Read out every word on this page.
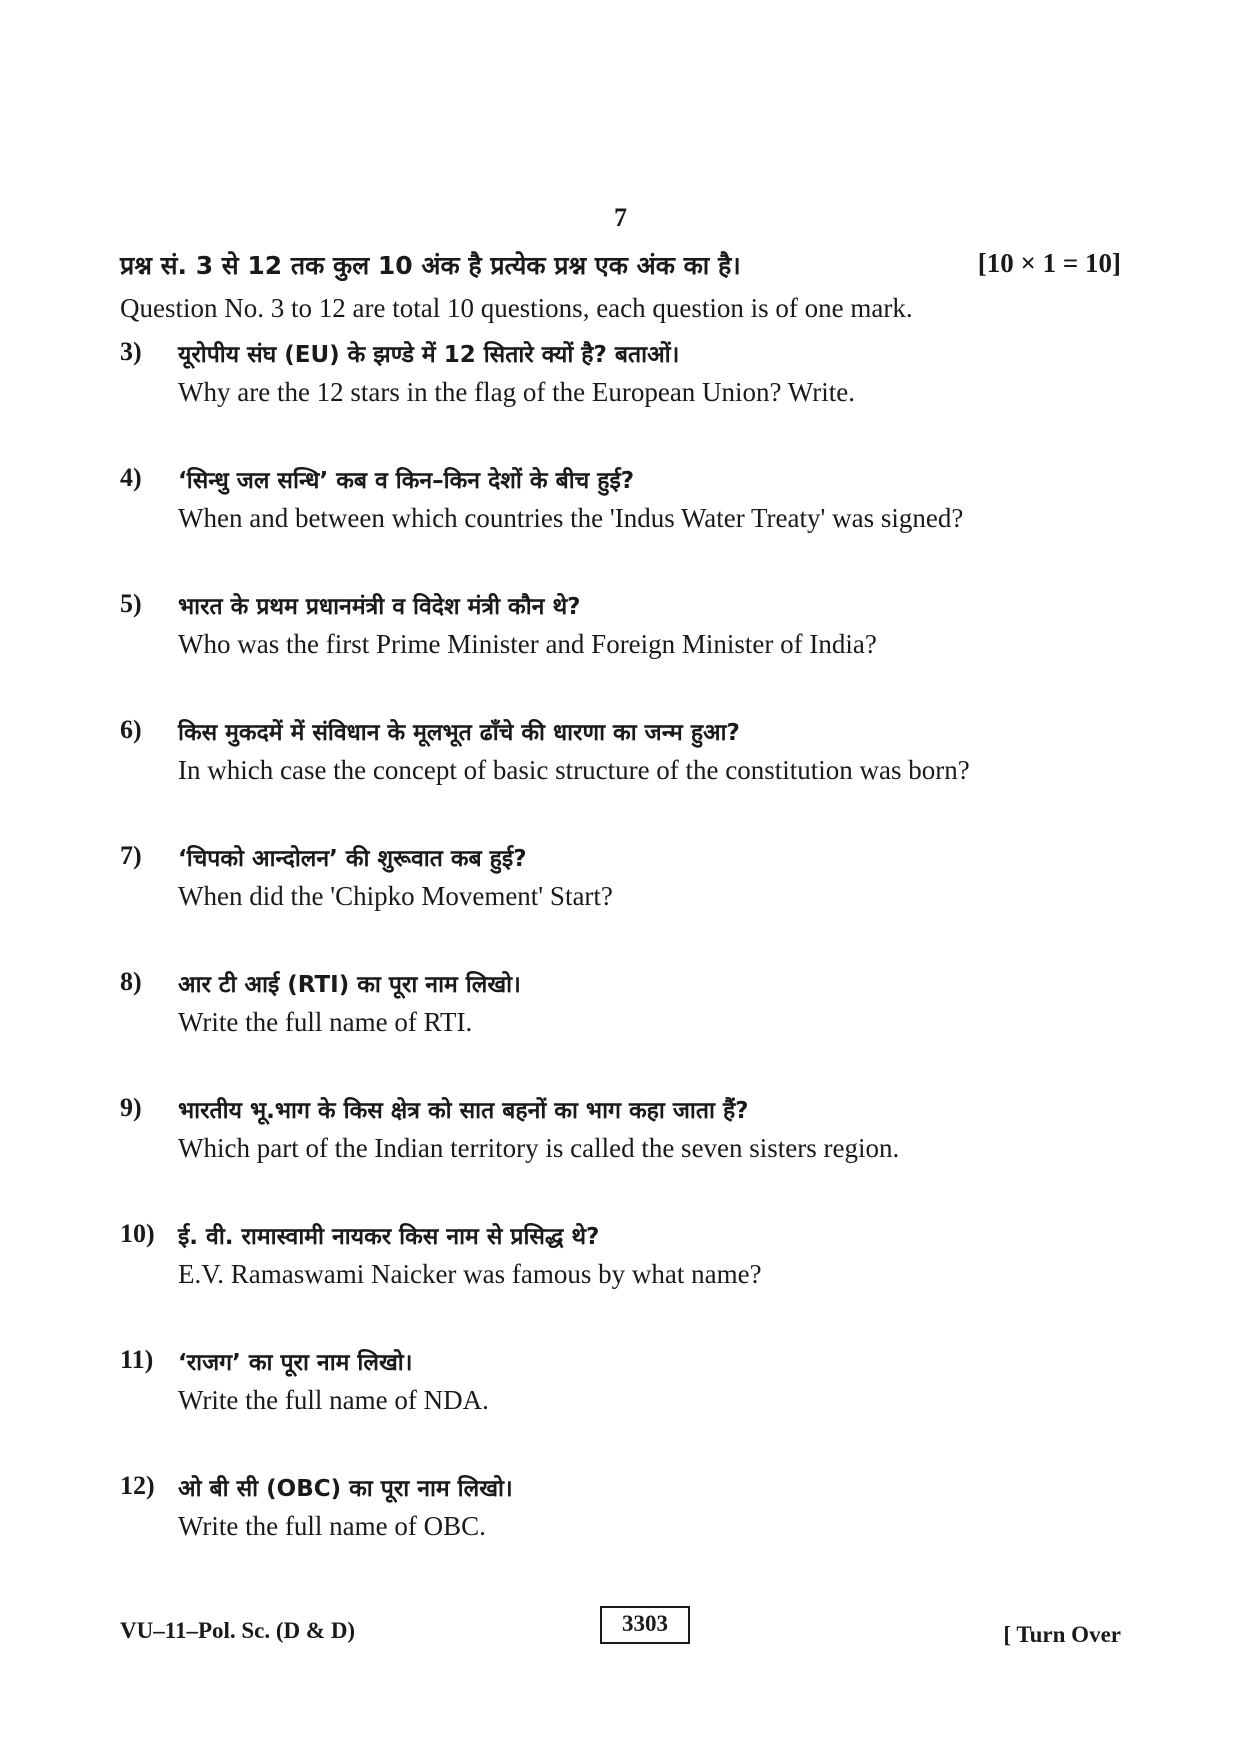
7
प्रश्न सं. 3 से 12 तक कुल 10 अंक है प्रत्येक प्रश्न एक अंक का है।	[10 × 1 = 10]
Question No. 3 to 12 are total 10 questions, each question is of one mark.
3) यूरोपीय संघ (EU) के झण्डे में 12 सितारे क्यों है? बताओं।
Why are the 12 stars in the flag of the European Union? Write.
4) ‘सिन्धु जल सन्धि’ कब व किन–किन देशों के बीच हुई?
When and between which countries the 'Indus Water Treaty' was signed?
5) भारत के प्रथम प्रधानमंत्री व विदेश मंत्री कौन थे?
Who was the first Prime Minister and Foreign Minister of India?
6) किस मुकदमें में संविधान के मूलभूत ढाँचे की धारणा का जन्म हुआ?
In which case the concept of basic structure of the constitution was born?
7) ‘चिपको आन्दोलन’ की शुरूवात कब हुई?
When did the 'Chipko Movement' Start?
8) आर टी आई (RTI) का पूरा नाम लिखो।
Write the full name of RTI.
9) भारतीय भू.भाग के किस क्षेत्र को सात बहनों का भाग कहा जाता हैं?
Which part of the Indian territory is called the seven sisters region.
10) ई. वी. रामास्वामी नायकर किस नाम से प्रसिद्ध थे?
E.V. Ramaswami Naicker was famous by what name?
11) ‘राजग’ का पूरा नाम लिखो।
Write the full name of NDA.
12) ओ बी सी (OBC) का पूरा नाम लिखो।
Write the full name of OBC.
VU–11–Pol. Sc. (D & D)	3303	[ Turn Over
